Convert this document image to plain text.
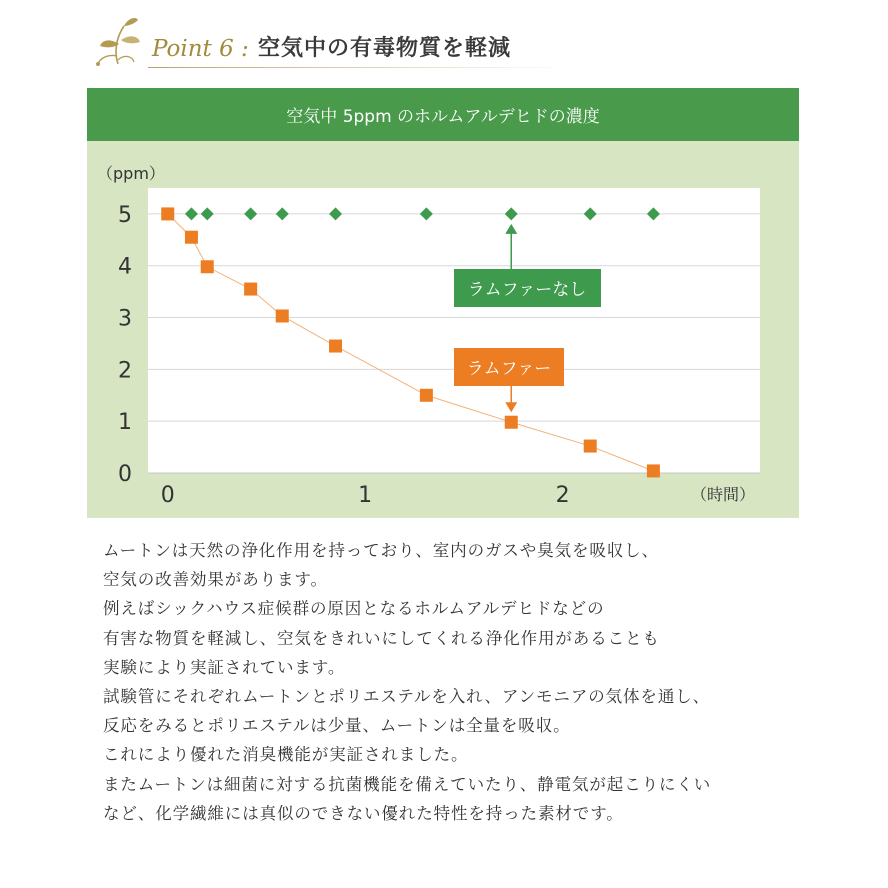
Point 6 : 空気中の有毒物質を軽減
空気中 5ppm のホルムアルデヒドの濃度
0
1
2
3
4
5
0	1	2
（ppm）
（時間）
ラムファーなし
ラムファー

ムートンは天然の浄化作用を持っており、室内のガスや臭気を吸収し、

空気の改善効果があります。

例えばシックハウス症候群の原因となるホルムアルデヒドなどの

有害な物質を軽減し、空気をきれいにしてくれる浄化作用があることも

実験により実証されています。

試験管にそれぞれムートンとポリエステルを入れ、アンモニアの気体を通し、

反応をみるとポリエステルは少量、ムートンは全量を吸収。

これにより優れた消臭機能が実証されました。

またムートンは細菌に対する抗菌機能を備えていたり、静電気が起こりにくい

など、化学繊維には真似のできない優れた特性を持った素材です。
